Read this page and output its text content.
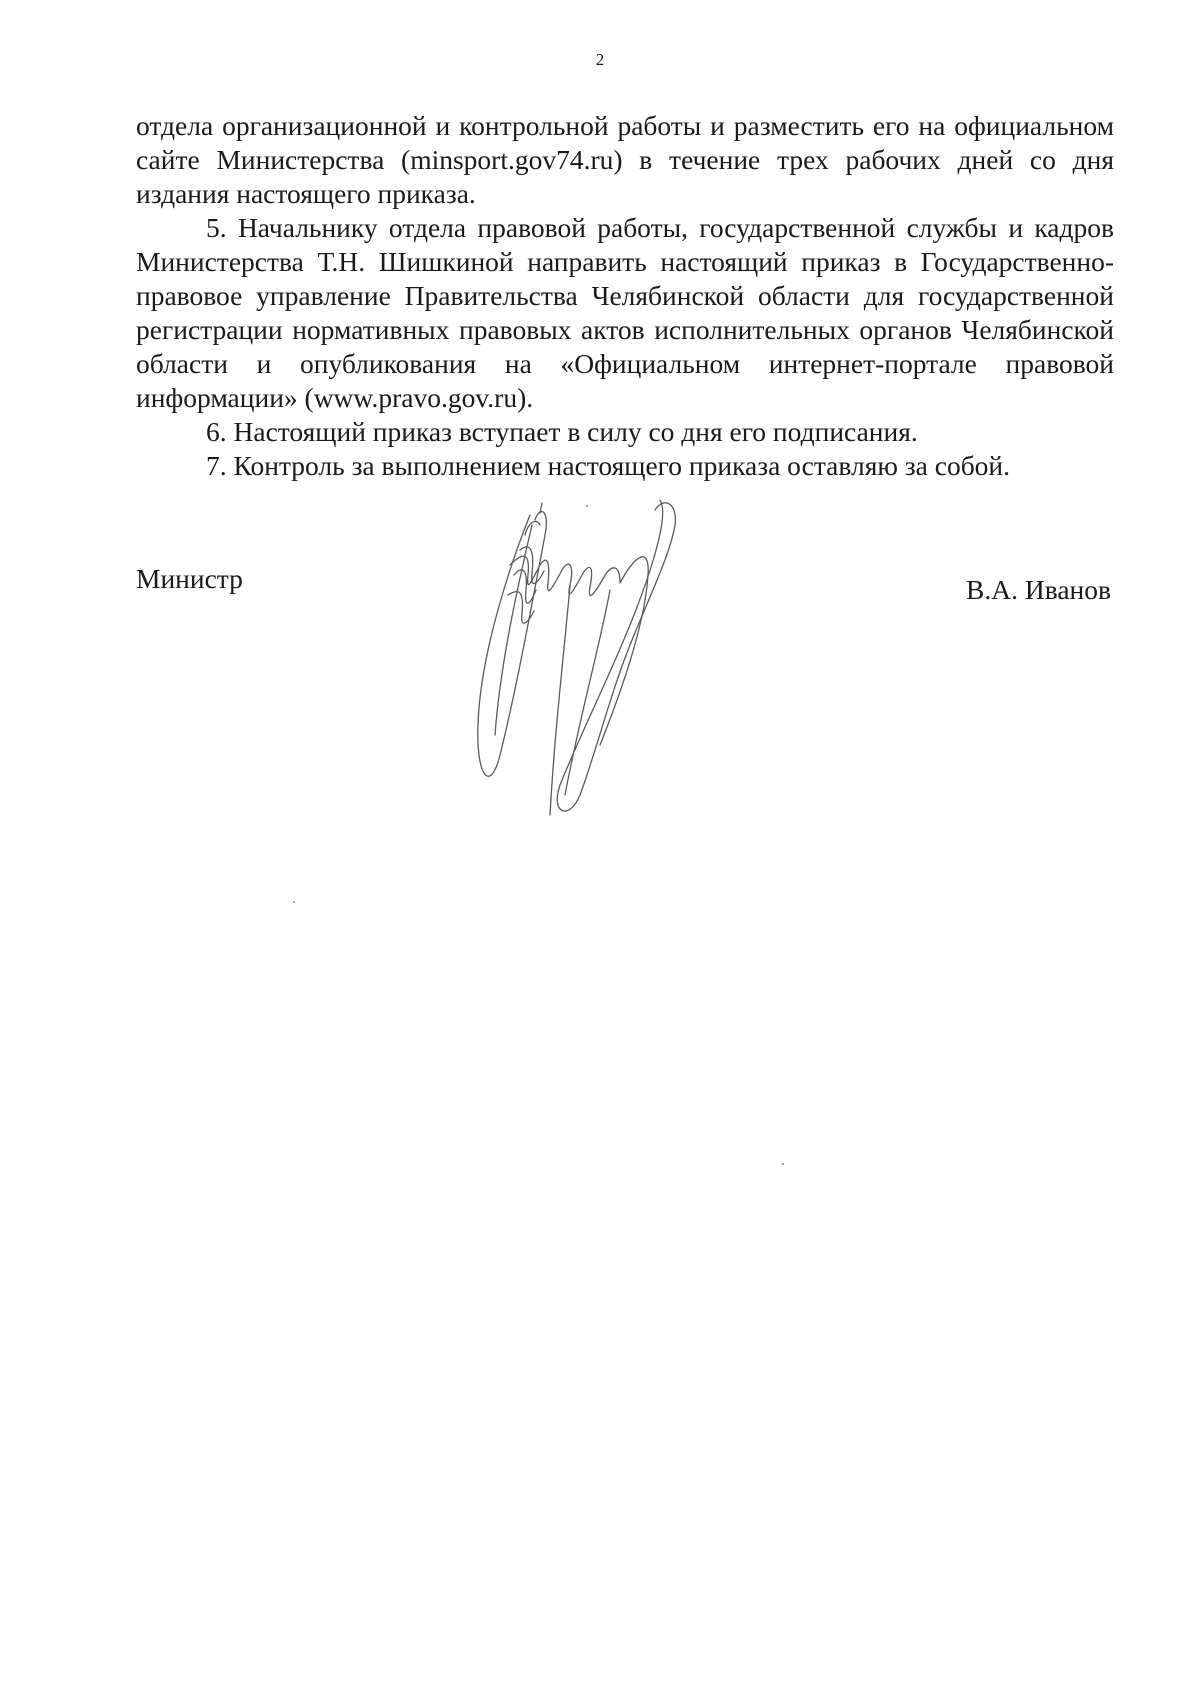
2

отдела организационной и контрольной работы и разместить его на официальном сайте Министерства (minsport.gov74.ru) в течение трех рабочих дней со дня издания настоящего приказа.

5. Начальнику отдела правовой работы, государственной службы и кадров Министерства Т.Н. Шишкиной направить настоящий приказ в Государственно-правовое управление Правительства Челябинской области для государственной регистрации нормативных правовых актов исполнительных органов Челябинской области и опубликования на «Официальном интернет-портале правовой информации» (www.pravo.gov.ru).

6. Настоящий приказ вступает в силу со дня его подписания.

7. Контроль за выполнением настоящего приказа оставляю за собой.

Министр	В.А. Иванов
